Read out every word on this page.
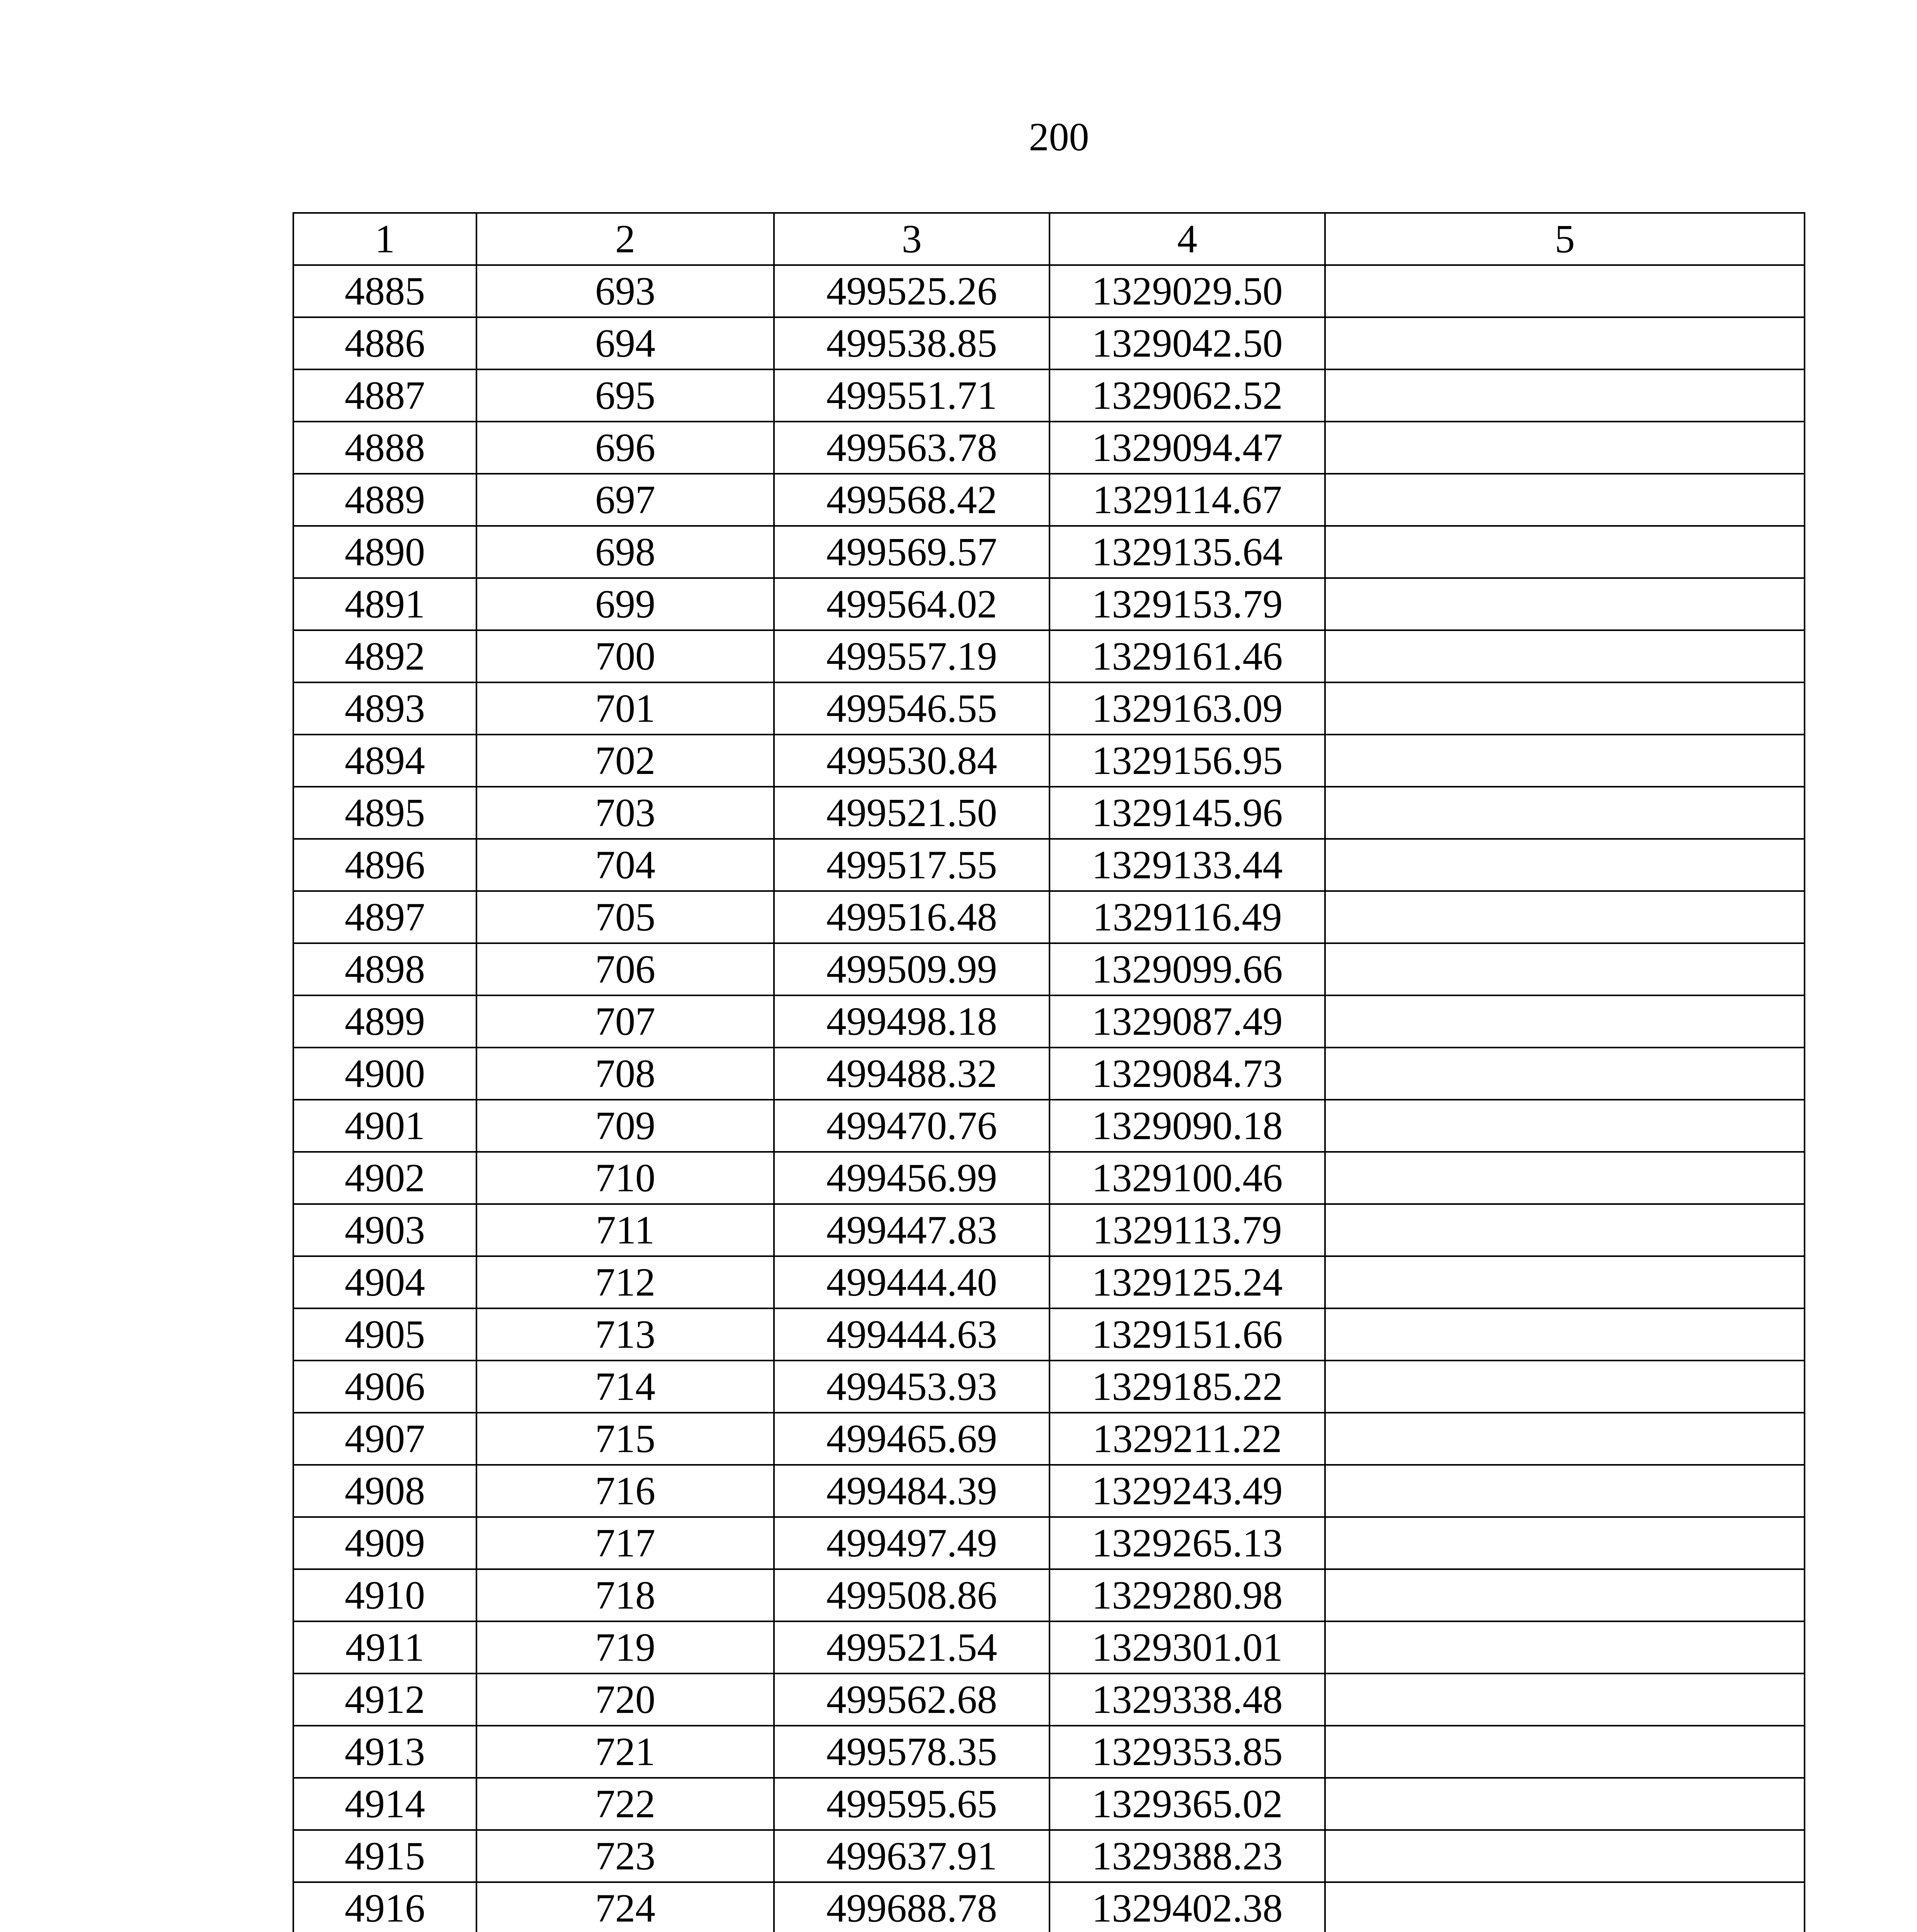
200
1	2	3	4	5
4885	693	499525.26	1329029.50	
4886	694	499538.85	1329042.50	
4887	695	499551.71	1329062.52	
4888	696	499563.78	1329094.47	
4889	697	499568.42	1329114.67	
4890	698	499569.57	1329135.64	
4891	699	499564.02	1329153.79	
4892	700	499557.19	1329161.46	
4893	701	499546.55	1329163.09	
4894	702	499530.84	1329156.95	
4895	703	499521.50	1329145.96	
4896	704	499517.55	1329133.44	
4897	705	499516.48	1329116.49	
4898	706	499509.99	1329099.66	
4899	707	499498.18	1329087.49	
4900	708	499488.32	1329084.73	
4901	709	499470.76	1329090.18	
4902	710	499456.99	1329100.46	
4903	711	499447.83	1329113.79	
4904	712	499444.40	1329125.24	
4905	713	499444.63	1329151.66	
4906	714	499453.93	1329185.22	
4907	715	499465.69	1329211.22	
4908	716	499484.39	1329243.49	
4909	717	499497.49	1329265.13	
4910	718	499508.86	1329280.98	
4911	719	499521.54	1329301.01	
4912	720	499562.68	1329338.48	
4913	721	499578.35	1329353.85	
4914	722	499595.65	1329365.02	
4915	723	499637.91	1329388.23	
4916	724	499688.78	1329402.38	
